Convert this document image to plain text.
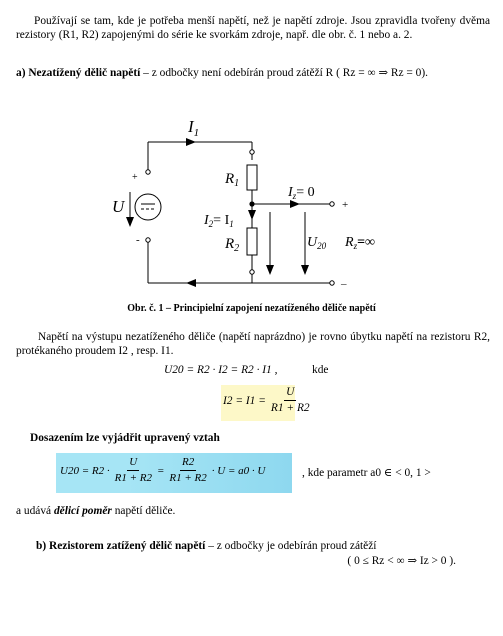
Používají se tam, kde je potřeba menší napětí, než je napětí zdroje. Jsou zpravidla tvořeny dvěma rezistory (R1, R2) zapojenými do série ke svorkám zdroje, např. dle obr. č. 1 nebo a. 2.

a) Nezatížený dělič napětí – z odbočky není odebírán proud zátěží R ( Rz = ∞ ⇒ Rz = 0).

$I_1$
$R_1$
$R_2$
U
+
-
$I_z= 0$
$I_2= I_1$
$U_{20}$ $R_z=\infty$
+
–

Obr. č. 1 – Principielní zapojení nezatíženého děliče napětí

Napětí na výstupu nezatíženého děliče (napětí naprázdno) je rovno úbytku napětí na rezistoru R2, protékaného proudem I2 , resp. I1.

U20 = R2 · I2 = R2 · I1 ,	kde
$I2 = I1 = \frac{U}{R1 + R2}$
Dosazením lze vyjádřit upravený vztah
$U20 = R2 \cdot \frac{U}{R1 + R2} = \frac{R2}{R1 + R2} \cdot U = a0 \cdot U$	, kde parametr a0 ∈ < 0, 1 >

a udává dělicí poměr napětí děliče.

b) Rezistorem zatížený dělič napětí – z odbočky je odebírán proud zátěží
( 0 ≤ Rz < ∞ ⇒ Iz > 0 ).
